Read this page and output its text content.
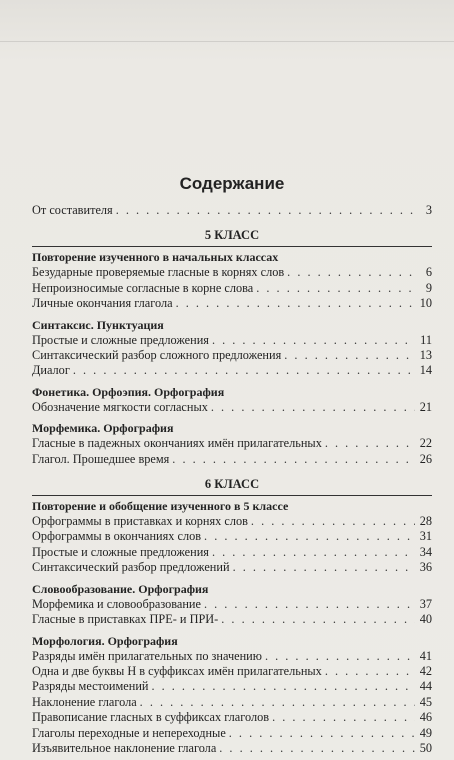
Содержание
От составителя . . .	3
5 КЛАСС
Повторение изученного в начальных классах
Безударные проверяемые гласные в корнях слов . . .	6
Непроизносимые согласные в корне слова . . .	9
Личные окончания глагола . . .	10
Синтаксис. Пунктуация
Простые и сложные предложения . . .	11
Синтаксический разбор сложного предложения . . .	13
Диалог . . .	14
Фонетика. Орфоэпия. Орфография
Обозначение мягкости согласных . . .	21
Морфемика. Орфография
Гласные в падежных окончаниях имён прилагательных . . .	22
Глагол. Прошедшее время . . .	26
6 КЛАСС
Повторение и обобщение изученного в 5 классе
Орфограммы в приставках и корнях слов . . .	28
Орфограммы в окончаниях слов . . .	31
Простые и сложные предложения . . .	34
Синтаксический разбор предложений . . .	36
Словообразование. Орфография
Морфемика и словообразование . . .	37
Гласные в приставках ПРЕ- и ПРИ- . . .	40
Морфология. Орфография
Разряды имён прилагательных по значению . . .	41
Одна и две буквы Н в суффиксах имён прилагательных . . .	42
Разряды местоимений . . .	44
Наклонение глагола . . .	45
Правописание гласных в суффиксах глаголов . . .	46
Глаголы переходные и непереходные . . .	49
Изъявительное наклонение глагола . . .	50
